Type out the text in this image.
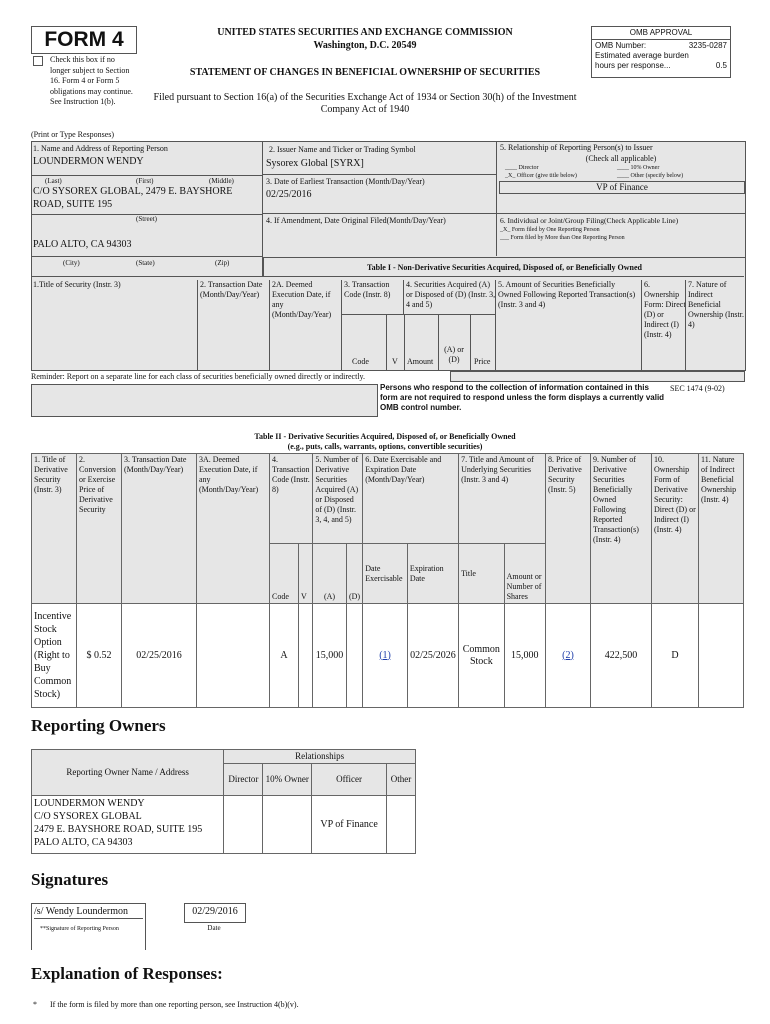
FORM 4
Check this box if no longer subject to Section 16. Form 4 or Form 5 obligations may continue. See Instruction 1(b).
UNITED STATES SECURITIES AND EXCHANGE COMMISSION
Washington, D.C. 20549
STATEMENT OF CHANGES IN BENEFICIAL OWNERSHIP OF SECURITIES
Filed pursuant to Section 16(a) of the Securities Exchange Act of 1934 or Section 30(h) of the Investment Company Act of 1940
OMB APPROVAL
OMB Number:	3235-0287
Estimated average burden
hours per response...	0.5
(Print or Type Responses)
1. Name and Address of Reporting Person
LOUNDERMON WENDY
(Last)	(First)	(Middle)
C/O SYSOREX GLOBAL, 2479 E. BAYSHORE ROAD, SUITE 195
(Street)
PALO ALTO, CA 94303
(City)	(State)	(Zip)
2. Issuer Name and Ticker or Trading Symbol
Sysorex Global [SYRX]
3. Date of Earliest Transaction (Month/Day/Year)
02/25/2016
4. If Amendment, Date Original Filed(Month/Day/Year)
5. Relationship of Reporting Person(s) to Issuer
(Check all applicable)
____ Director	____ 10% Owner
_X_ Officer (give title below)	____ Other (specify below)
VP of Finance
6. Individual or Joint/Group Filing(Check Applicable Line)
_X_ Form filed by One Reporting Person
___ Form filed by More than One Reporting Person
Table I - Non-Derivative Securities Acquired, Disposed of, or Beneficially Owned
1.Title of Security (Instr. 3)	2. Transaction Date (Month/Day/Year)
2A. Deemed Execution Date, if any (Month/Day/Year)
3. Transaction Code (Instr. 8)
4. Securities Acquired (A) or Disposed of (D) (Instr. 3, 4 and 5)
5. Amount of Securities Beneficially Owned Following Reported Transaction(s) (Instr. 3 and 4)
6. Ownership Form: Direct (D) or Indirect (I) (Instr. 4)
7. Nature of Indirect Beneficial Ownership (Instr. 4)
Code	V Amount
(A) or (D)	Price
Reminder: Report on a separate line for each class of securities beneficially owned directly or indirectly.
Persons who respond to the collection of information contained in this form are not required to respond unless the form displays a currently valid OMB control number.
SEC 1474 (9-02)
Table II - Derivative Securities Acquired, Disposed of, or Beneficially Owned
(e.g., puts, calls, warrants, options, convertible securities)
1. Title of Derivative Security (Instr. 3)	2. Conversion or Exercise Price of Derivative Security	3. Transaction Date (Month/Day/Year)	3A. Deemed Execution Date, if any (Month/Day/Year)	4. Transaction Code (Instr. 8)		5. Number of Derivative Securities Acquired (A) or Disposed of (D) (Instr. 3, 4, and 5)		6. Date Exercisable and Expiration Date (Month/Day/Year)		7. Title and Amount of Underlying Securities (Instr. 3 and 4)		8. Price of Derivative Security (Instr. 5)	9. Number of Derivative Securities Beneficially Owned Following Reported Transaction(s) (Instr. 4)	10. Ownership Form of Derivative Security: Direct (D) or Indirect (I) (Instr. 4)	11. Nature of Indirect Beneficial Ownership (Instr. 4)
				Code	V	(A)	(D)	Date Exercisable	Expiration Date	Title	Amount or Number of Shares				
Incentive Stock Option (Right to Buy Common Stock)	$ 0.52	02/25/2016		A		15,000		(1)	02/25/2026	Common Stock	15,000	(2)	422,500	D	
Reporting Owners
Reporting Owner Name / Address	Relationships			
	Director	10% Owner	Officer	Other

LOUNDERMON WENDY
C/O SYSOREX GLOBAL
2479 E. BAYSHORE ROAD, SUITE 195
PALO ALTO, CA 94303			VP of Finance	
Signatures
/s/ Wendy Loundermon
**Signature of Reporting Person
02/29/2016
Date
Explanation of Responses:
* If the form is filed by more than one reporting person, see Instruction 4(b)(v).
